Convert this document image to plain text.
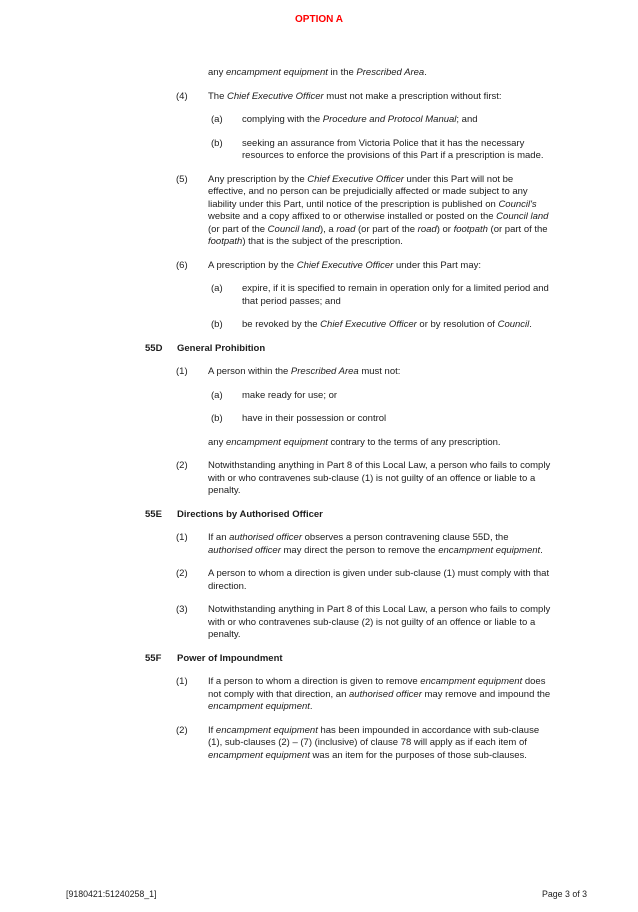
OPTION A

any encampment equipment in the Prescribed Area.

(4)	The Chief Executive Officer must not make a prescription without first:
(a)	complying with the Procedure and Protocol Manual; and
(b)	seeking an assurance from Victoria Police that it has the necessary resources to enforce the provisions of this Part if a prescription is made.
(5)	Any prescription by the Chief Executive Officer under this Part will not be effective, and no person can be prejudicially affected or made subject to any liability under this Part, until notice of the prescription is published on Council's website and a copy affixed to or otherwise installed or posted on the Council land (or part of the Council land), a road (or part of the road) or footpath (or part of the footpath) that is the subject of the prescription.
(6)	A prescription by the Chief Executive Officer under this Part may:
(a)	expire, if it is specified to remain in operation only for a limited period and that period passes; and
(b)	be revoked by the Chief Executive Officer or by resolution of Council.
55D	General Prohibition
(1)	A person within the Prescribed Area must not:
(a)	make ready for use; or
(b)	have in their possession or control

any encampment equipment contrary to the terms of any prescription.

(2)	Notwithstanding anything in Part 8 of this Local Law, a person who fails to comply with or who contravenes sub-clause (1) is not guilty of an offence or liable to a penalty.
55E	Directions by Authorised Officer
(1)	If an authorised officer observes a person contravening clause 55D, the authorised officer may direct the person to remove the encampment equipment.
(2)	A person to whom a direction is given under sub-clause (1) must comply with that direction.
(3)	Notwithstanding anything in Part 8 of this Local Law, a person who fails to comply with or who contravenes sub-clause (2) is not guilty of an offence or liable to a penalty.
55F	Power of Impoundment
(1)	If a person to whom a direction is given to remove encampment equipment does not comply with that direction, an authorised officer may remove and impound the encampment equipment.
(2)	If encampment equipment has been impounded in accordance with sub-clause (1), sub-clauses (2) – (7) (inclusive) of clause 78 will apply as if each item of encampment equipment was an item for the purposes of those sub-clauses.
[9180421:51240258_1]	Page 3 of 3
